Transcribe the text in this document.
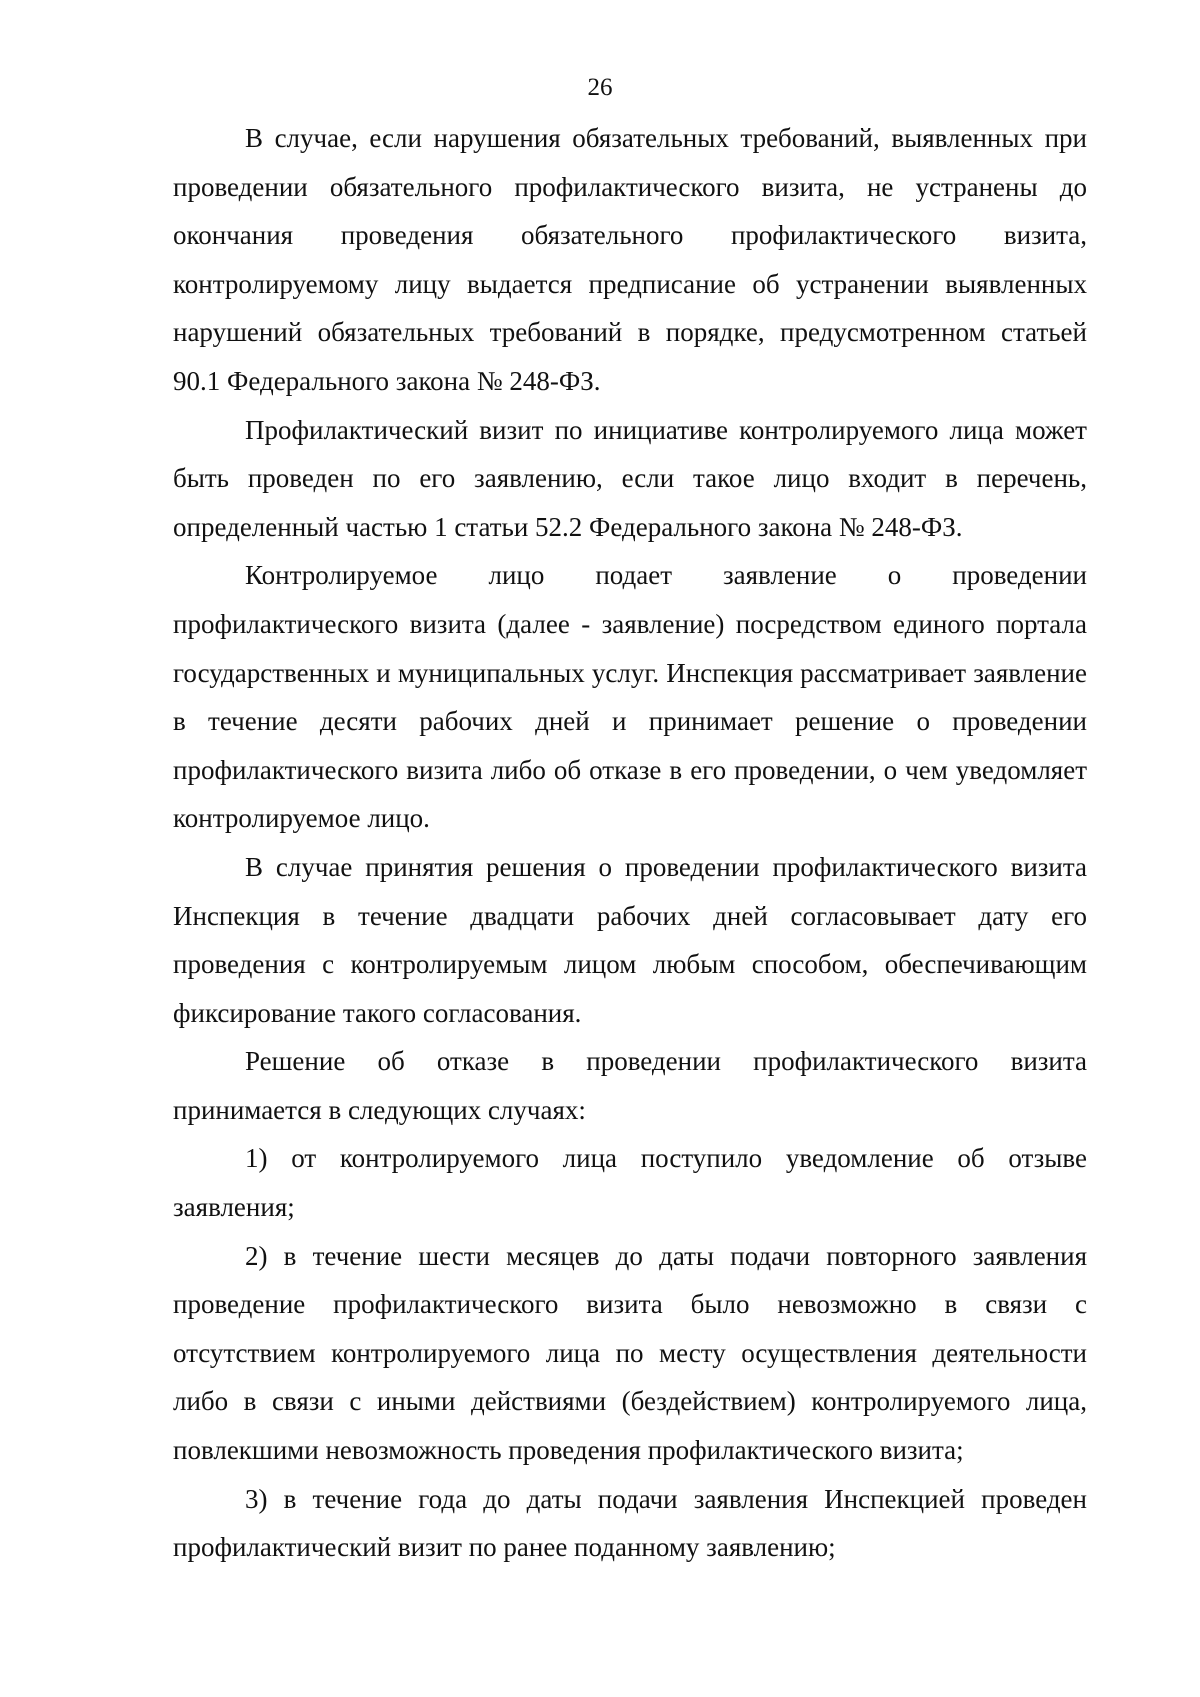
26

В случае, если нарушения обязательных требований, выявленных при проведении обязательного профилактического визита, не устранены до окончания проведения обязательного профилактического визита, контролируемому лицу выдается предписание об устранении выявленных нарушений обязательных требований в порядке, предусмотренном статьей 90.1 Федерального закона № 248-ФЗ.

Профилактический визит по инициативе контролируемого лица может быть проведен по его заявлению, если такое лицо входит в перечень, определенный частью 1 статьи 52.2 Федерального закона № 248-ФЗ.

Контролируемое лицо подает заявление о проведении профилактического визита (далее - заявление) посредством единого портала государственных и муниципальных услуг. Инспекция рассматривает заявление в течение десяти рабочих дней и принимает решение о проведении профилактического визита либо об отказе в его проведении, о чем уведомляет контролируемое лицо.

В случае принятия решения о проведении профилактического визита Инспекция в течение двадцати рабочих дней согласовывает дату его проведения с контролируемым лицом любым способом, обеспечивающим фиксирование такого согласования.

Решение об отказе в проведении профилактического визита принимается в следующих случаях:

1) от контролируемого лица поступило уведомление об отзыве заявления;

2) в течение шести месяцев до даты подачи повторного заявления проведение профилактического визита было невозможно в связи с отсутствием контролируемого лица по месту осуществления деятельности либо в связи с иными действиями (бездействием) контролируемого лица, повлекшими невозможность проведения профилактического визита;

3) в течение года до даты подачи заявления Инспекцией проведен профилактический визит по ранее поданному заявлению;
